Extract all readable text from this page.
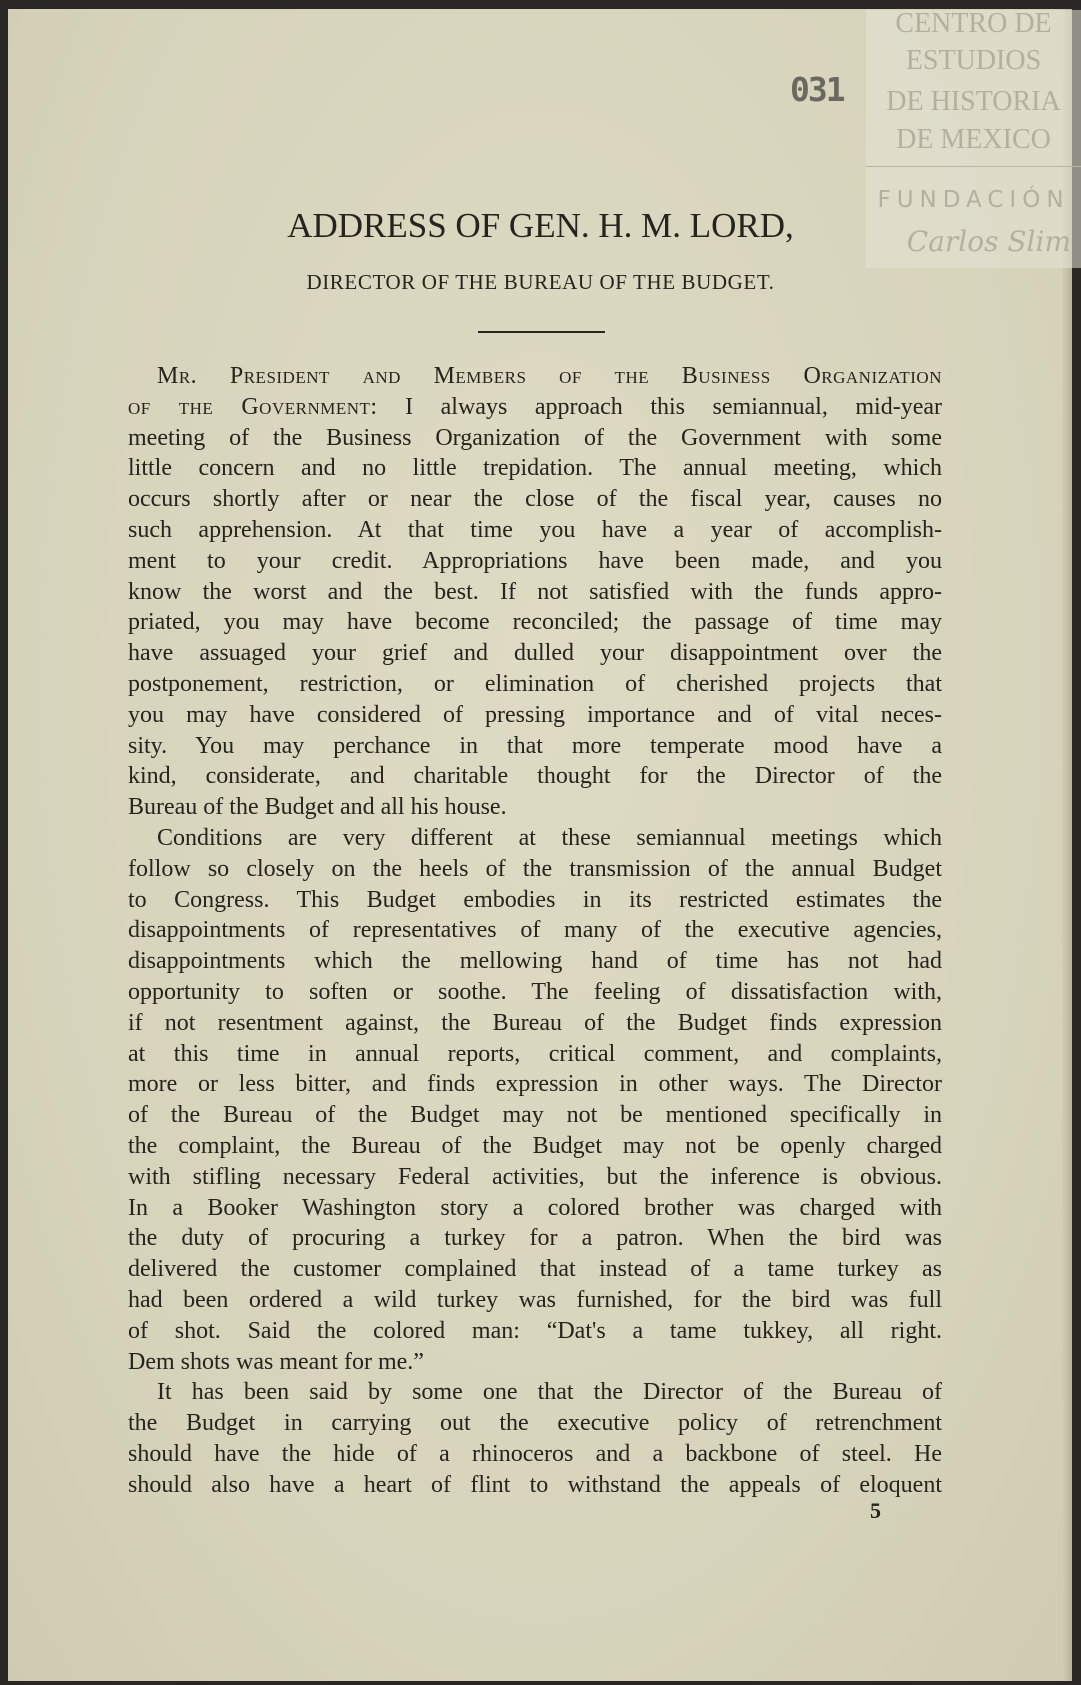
CENTRO DE
ESTUDIOS
DE HISTORIA
DE MEXICO
FUNDACIÓN
Carlos Slim
031
ADDRESS OF GEN. H. M. LORD,
DIRECTOR OF THE BUREAU OF THE BUDGET.
Mr. President and Members of the Business Organization
of the Government: I always approach this semiannual, mid-year
meeting of the Business Organization of the Government with some
little concern and no little trepidation. The annual meeting, which
occurs shortly after or near the close of the fiscal year, causes no
such apprehension. At that time you have a year of accomplish-
ment to your credit. Appropriations have been made, and you
know the worst and the best. If not satisfied with the funds appro-
priated, you may have become reconciled; the passage of time may
have assuaged your grief and dulled your disappointment over the
postponement, restriction, or elimination of cherished projects that
you may have considered of pressing importance and of vital neces-
sity. You may perchance in that more temperate mood have a
kind, considerate, and charitable thought for the Director of the
Bureau of the Budget and all his house.
Conditions are very different at these semiannual meetings which
follow so closely on the heels of the transmission of the annual Budget
to Congress. This Budget embodies in its restricted estimates the
disappointments of representatives of many of the executive agencies,
disappointments which the mellowing hand of time has not had
opportunity to soften or soothe. The feeling of dissatisfaction with,
if not resentment against, the Bureau of the Budget finds expression
at this time in annual reports, critical comment, and complaints,
more or less bitter, and finds expression in other ways. The Director
of the Bureau of the Budget may not be mentioned specifically in
the complaint, the Bureau of the Budget may not be openly charged
with stifling necessary Federal activities, but the inference is obvious.
In a Booker Washington story a colored brother was charged with
the duty of procuring a turkey for a patron. When the bird was
delivered the customer complained that instead of a tame turkey as
had been ordered a wild turkey was furnished, for the bird was full
of shot. Said the colored man: “Dat's a tame tukkey, all right.
Dem shots was meant for me.”
It has been said by some one that the Director of the Bureau of
the Budget in carrying out the executive policy of retrenchment
should have the hide of a rhinoceros and a backbone of steel. He
should also have a heart of flint to withstand the appeals of eloquent
5
